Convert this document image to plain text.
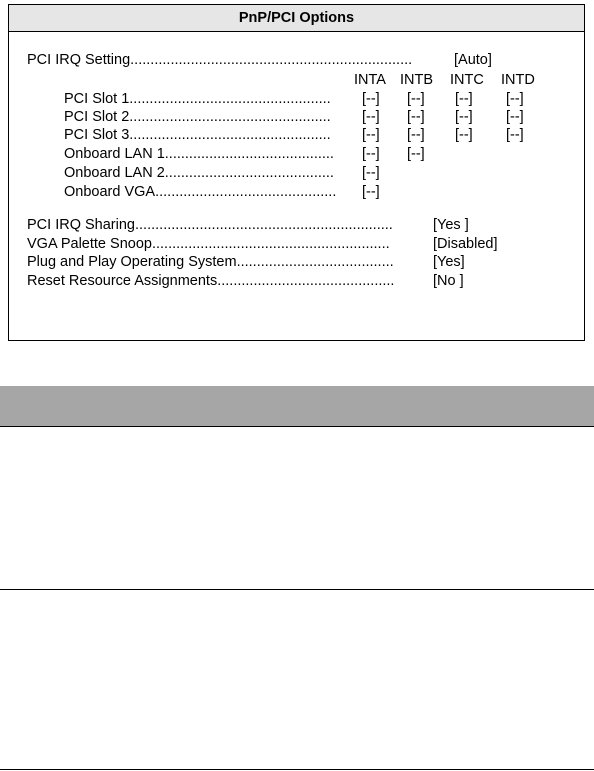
PnP/PCI Options
PCI IRQ Setting......................................................................	[Auto]
INTA INTB INTC INTD
PCI Slot 1.................................................. [--] [--] [--] [--]
PCI Slot 2.................................................. [--] [--] [--] [--]
PCI Slot 3.................................................. [--] [--] [--] [--]
Onboard LAN 1.......................................... [--] [--]
Onboard LAN 2.......................................... [--]
Onboard VGA............................................. [--]
PCI IRQ Sharing................................................................	[Yes ]
VGA Palette Snoop...........................................................	[Disabled]
Plug and Play Operating System.......................................	[Yes]
Reset Resource Assignments............................................	[No ]
